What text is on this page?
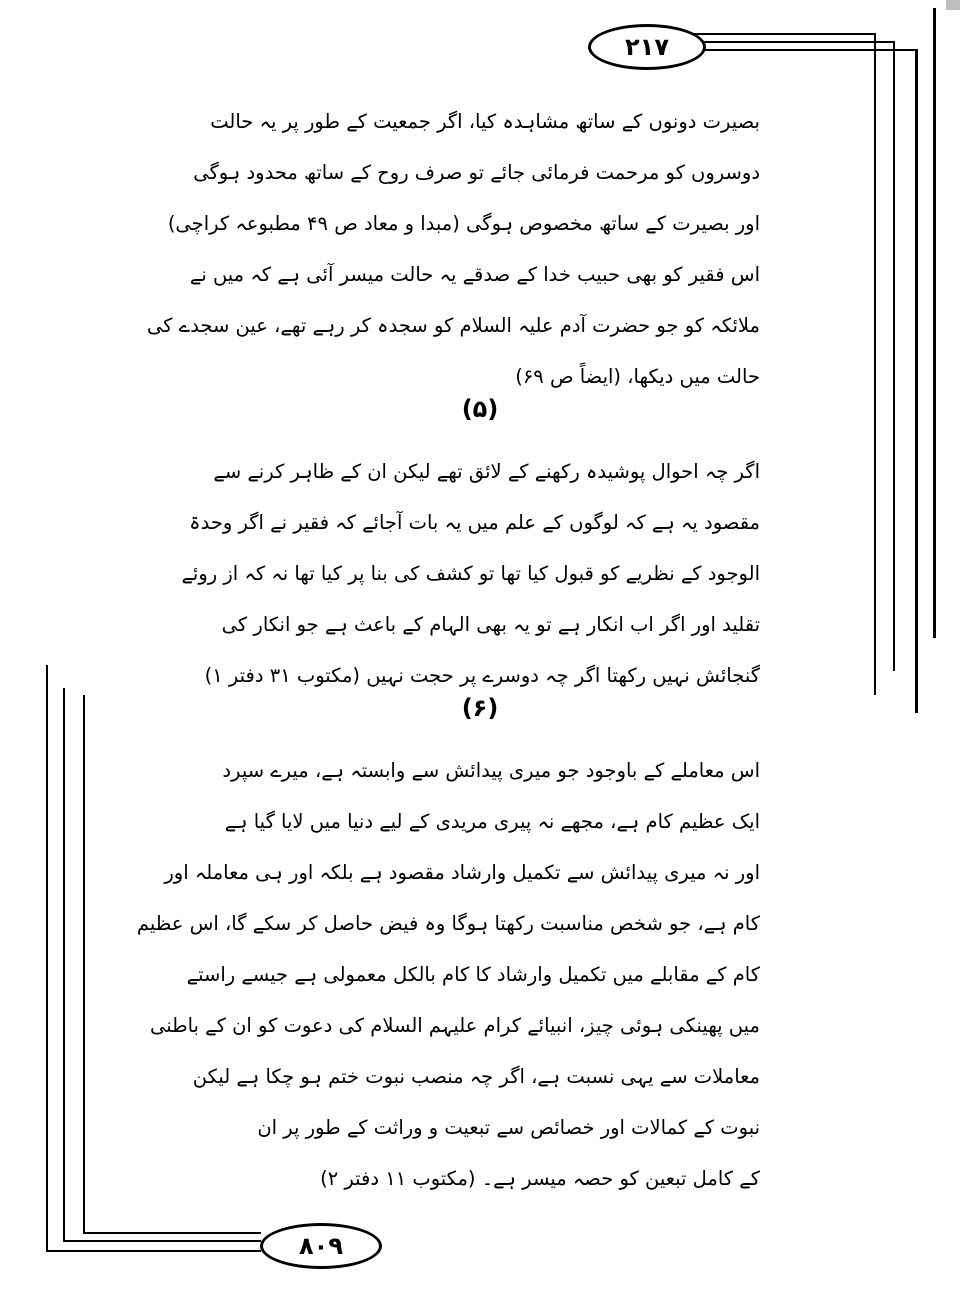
۲۱۷
۸۰۹
بصیرت دونوں کے ساتھ مشاہدہ کیا، اگر جمعیت کے طور پر یہ حالت
دوسروں کو مرحمت فرمائی جائے تو صرف روح کے ساتھ محدود ہوگی
اور بصیرت کے ساتھ مخصوص ہوگی (مبدا و معاد ص ۴۹ مطبوعہ کراچی)
اس فقیر کو بھی حبیب خدا کے صدقے یہ حالت میسر آئی ہے کہ میں نے
ملائکہ کو جو حضرت آدم علیہ السلام کو سجدہ کر رہے تھے، عین سجدے کی
حالت میں دیکھا، (ایضاً ص ۶۹)
(۵)
اگر چہ احوال پوشیدہ رکھنے کے لائق تھے لیکن ان کے ظاہر کرنے سے
مقصود یہ ہے کہ لوگوں کے علم میں یہ بات آجائے کہ فقیر نے اگر وحدۃ
الوجود کے نظریے کو قبول کیا تھا تو کشف کی بنا پر کیا تھا نہ کہ از روئے
تقلید اور اگر اب انکار ہے تو یہ بھی الہام کے باعث ہے جو انکار کی
گنجائش نہیں رکھتا اگر چہ دوسرے پر حجت نہیں (مکتوب ۳۱ دفتر ۱)
(۶)
اس معاملے کے باوجود جو میری پیدائش سے وابستہ ہے، میرے سپرد
ایک عظیم کام ہے، مجھے نہ پیری مریدی کے لیے دنیا میں لایا گیا ہے
اور نہ میری پیدائش سے تکمیل وارشاد مقصود ہے بلکہ اور ہی معاملہ اور
کام ہے، جو شخص مناسبت رکھتا ہوگا وہ فیض حاصل کر سکے گا، اس عظیم
کام کے مقابلے میں تکمیل وارشاد کا کام بالکل معمولی ہے جیسے راستے
میں پھینکی ہوئی چیز، انبیائے کرام علیہم السلام کی دعوت کو ان کے باطنی
معاملات سے یہی نسبت ہے، اگر چہ منصب نبوت ختم ہو چکا ہے لیکن
نبوت کے کمالات اور خصائص سے تبعیت و وراثت کے طور پر ان
کے کامل تبعین کو حصہ میسر ہے۔ (مکتوب ۱۱ دفتر ۲)
